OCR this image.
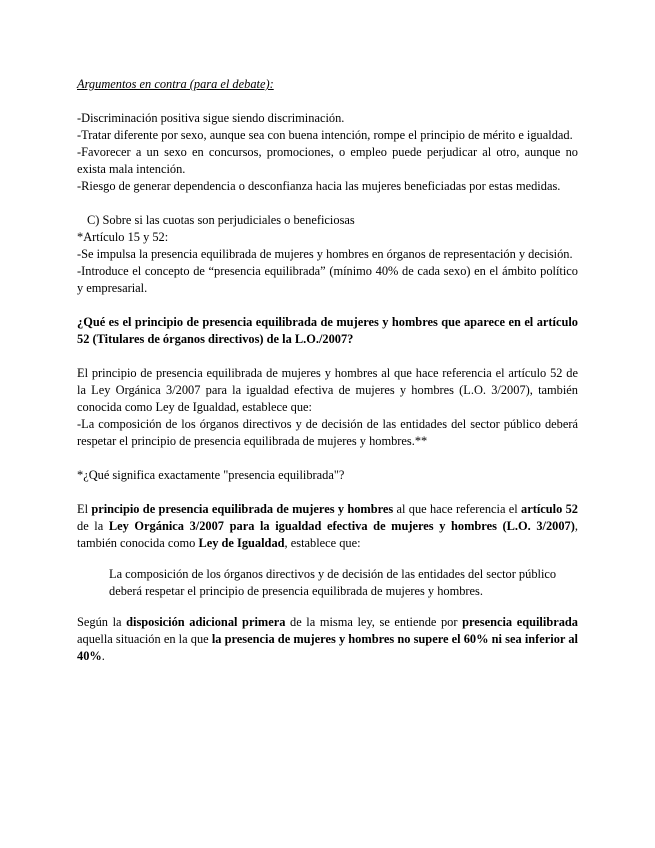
Argumentos en contra (para el debate):

-Discriminación positiva sigue siendo discriminación.

-Tratar diferente por sexo, aunque sea con buena intención, rompe el principio de mérito e igualdad.

-Favorecer a un sexo en concursos, promociones, o empleo puede perjudicar al otro, aunque no exista mala intención.

-Riesgo de generar dependencia o desconfianza hacia las mujeres beneficiadas por estas medidas.

C) Sobre si las cuotas son perjudiciales o beneficiosas

*Artículo 15 y 52:

-Se impulsa la presencia equilibrada de mujeres y hombres en órganos de representación y decisión.

-Introduce el concepto de “presencia equilibrada” (mínimo 40% de cada sexo) en el ámbito político y empresarial.

¿Qué es el principio de presencia equilibrada de mujeres y hombres que aparece en el artículo 52 (Titulares de órganos directivos) de la L.O./2007?

El principio de presencia equilibrada de mujeres y hombres al que hace referencia el artículo 52 de la Ley Orgánica 3/2007 para la igualdad efectiva de mujeres y hombres (L.O. 3/2007), también conocida como Ley de Igualdad, establece que:

-La composición de los órganos directivos y de decisión de las entidades del sector público deberá respetar el principio de presencia equilibrada de mujeres y hombres.**

*¿Qué significa exactamente "presencia equilibrada"?

El principio de presencia equilibrada de mujeres y hombres al que hace referencia el artículo 52 de la Ley Orgánica 3/2007 para la igualdad efectiva de mujeres y hombres (L.O. 3/2007), también conocida como Ley de Igualdad, establece que:

La composición de los órganos directivos y de decisión de las entidades del sector público deberá respetar el principio de presencia equilibrada de mujeres y hombres.

Según la disposición adicional primera de la misma ley, se entiende por presencia equilibrada aquella situación en la que la presencia de mujeres y hombres no supere el 60% ni sea inferior al 40%.
